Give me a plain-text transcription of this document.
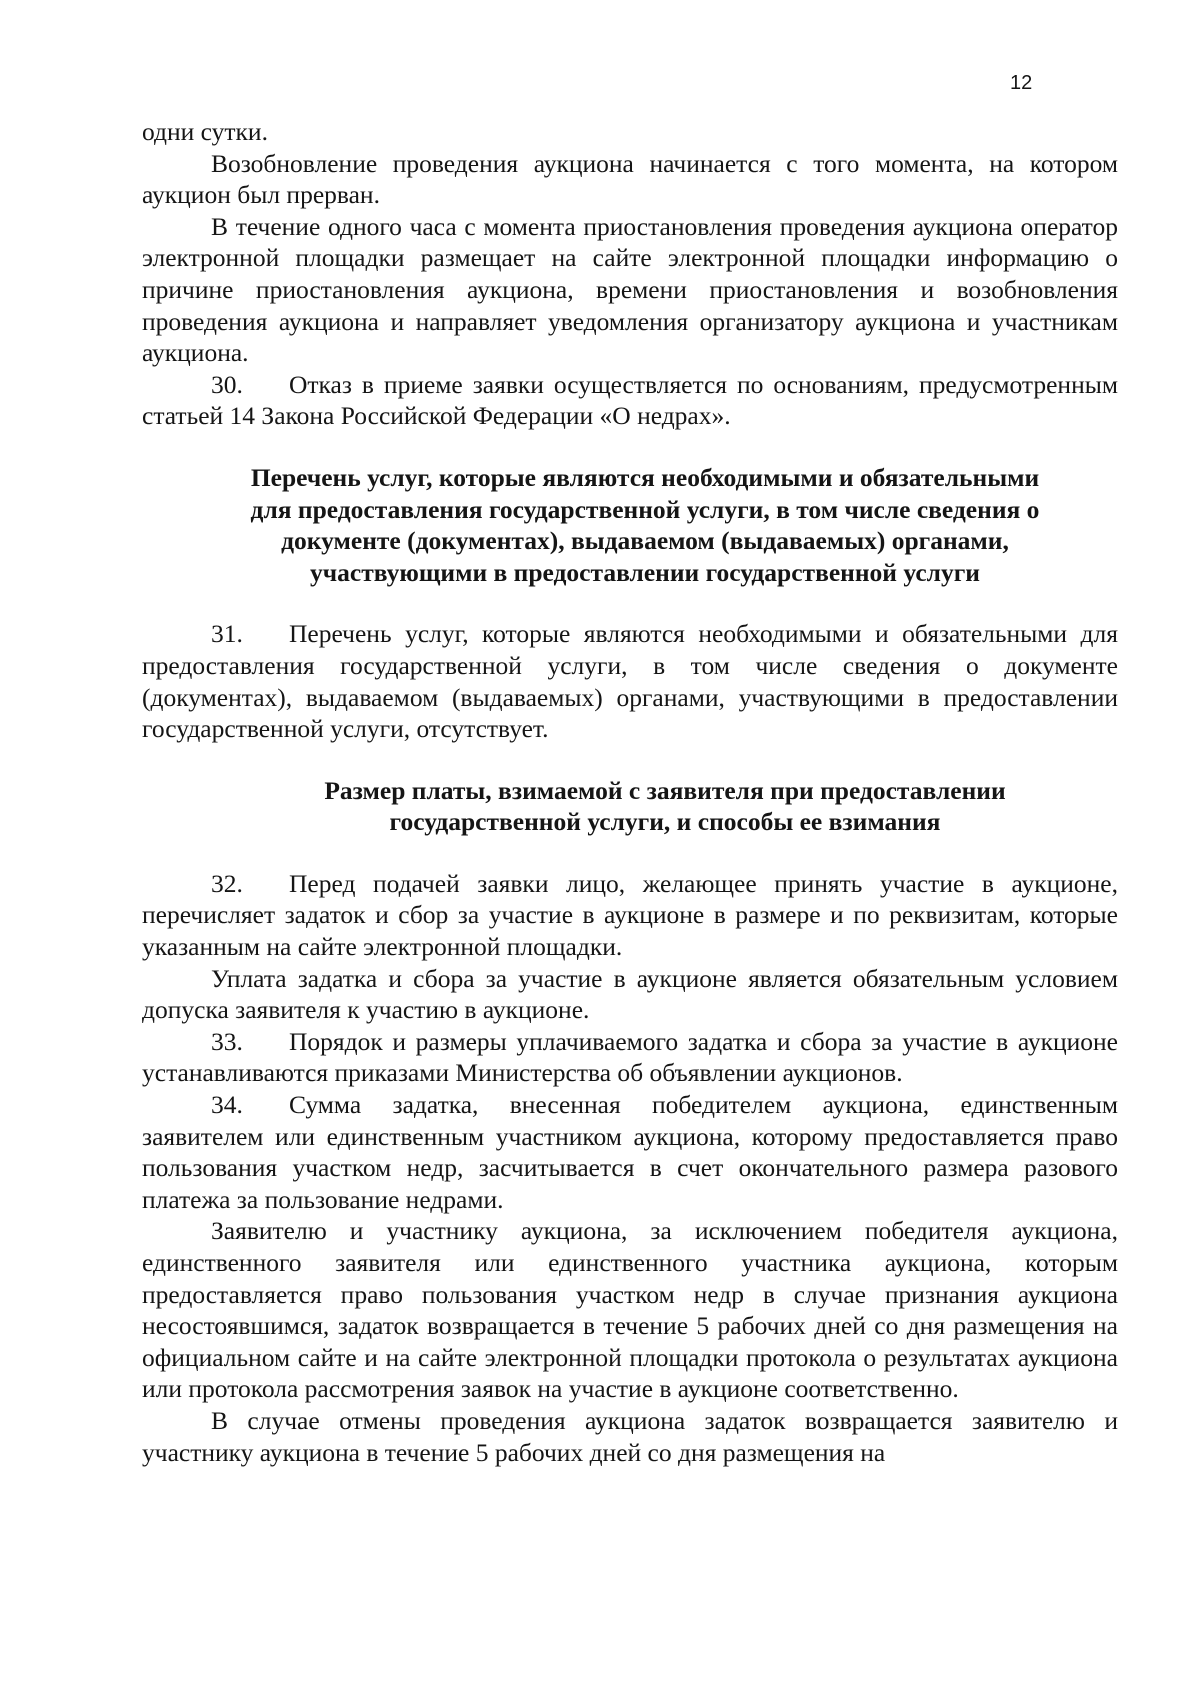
12

одни сутки.

Возобновление проведения аукциона начинается с того момента, на котором аукцион был прерван.

В течение одного часа с момента приостановления проведения аукциона оператор электронной площадки размещает на сайте электронной площадки информацию о причине приостановления аукциона, времени приостановления и возобновления проведения аукциона и направляет уведомления организатору аукциона и участникам аукциона.

30. Отказ в приеме заявки осуществляется по основаниям, предусмотренным статьей 14 Закона Российской Федерации «О недрах».

Перечень услуг, которые являются необходимыми и обязательными
для предоставления государственной услуги, в том числе сведения о
документе (документах), выдаваемом (выдаваемых) органами,
участвующими в предоставлении государственной услуги

31. Перечень услуг, которые являются необходимыми и обязательными для предоставления государственной услуги, в том числе сведения о документе (документах), выдаваемом (выдаваемых) органами, участвующими в предоставлении государственной услуги, отсутствует.

Размер платы, взимаемой с заявителя при предоставлении
государственной услуги, и способы ее взимания

32. Перед подачей заявки лицо, желающее принять участие в аукционе, перечисляет задаток и сбор за участие в аукционе в размере и по реквизитам, которые указанным на сайте электронной площадки.

Уплата задатка и сбора за участие в аукционе является обязательным условием допуска заявителя к участию в аукционе.

33. Порядок и размеры уплачиваемого задатка и сбора за участие в аукционе устанавливаются приказами Министерства об объявлении аукционов.

34. Сумма задатка, внесенная победителем аукциона, единственным заявителем или единственным участником аукциона, которому предоставляется право пользования участком недр, засчитывается в счет окончательного размера разового платежа за пользование недрами.

Заявителю и участнику аукциона, за исключением победителя аукциона, единственного заявителя или единственного участника аукциона, которым предоставляется право пользования участком недр в случае признания аукциона несостоявшимся, задаток возвращается в течение 5 рабочих дней со дня размещения на официальном сайте и на сайте электронной площадки протокола о результатах аукциона или протокола рассмотрения заявок на участие в аукционе соответственно.

В случае отмены проведения аукциона задаток возвращается заявителю и участнику аукциона в течение 5 рабочих дней со дня размещения на
